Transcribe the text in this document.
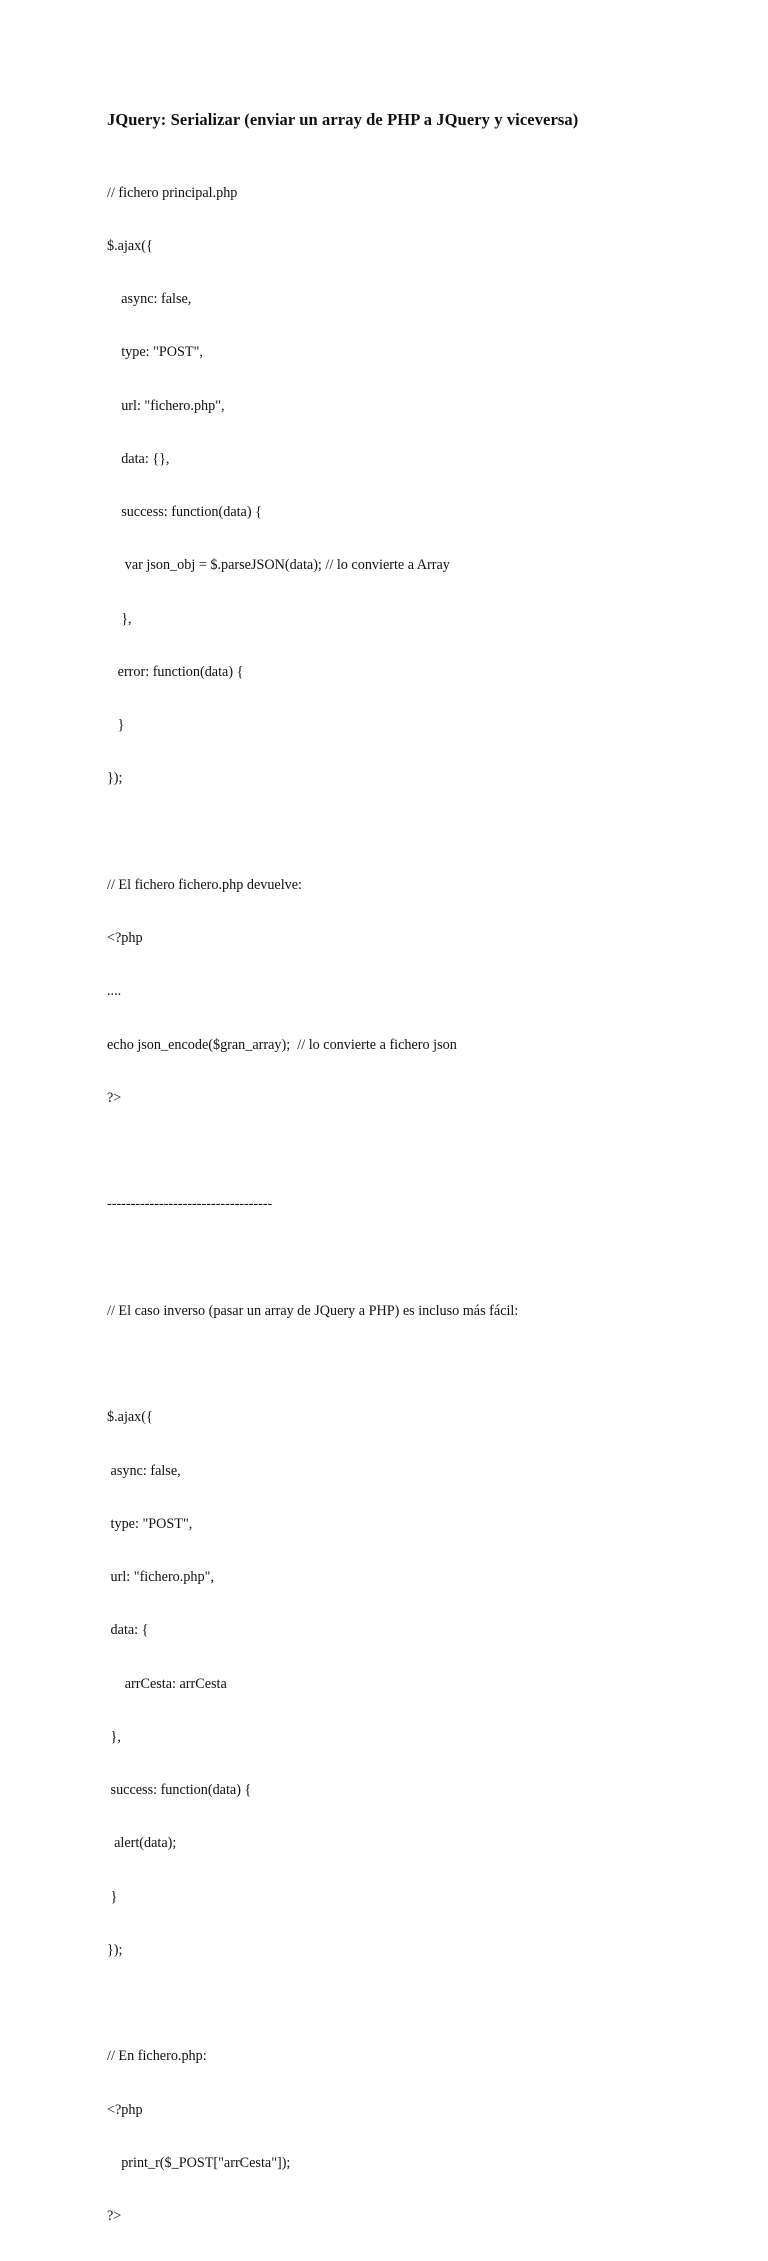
JQuery: Serializar (enviar un array de PHP a JQuery y viceversa)

// fichero principal.php

$.ajax({

async: false,

type: "POST",

url: "fichero.php",

data: {},

success: function(data) {

var json_obj = $.parseJSON(data); // lo convierte a Array

},

error: function(data) {

}

});

// El fichero fichero.php devuelve:

<?php

....

echo json_encode($gran_array);  // lo convierte a fichero json

?>

-----------------------------------

// El caso inverso (pasar un array de JQuery a PHP) es incluso más fácil:

$.ajax({

async: false,

type: "POST",

url: "fichero.php",

data: {

arrCesta: arrCesta

},

success: function(data) {

alert(data);

}

});

// En fichero.php:

<?php

print_r($_POST["arrCesta"]);

?>
